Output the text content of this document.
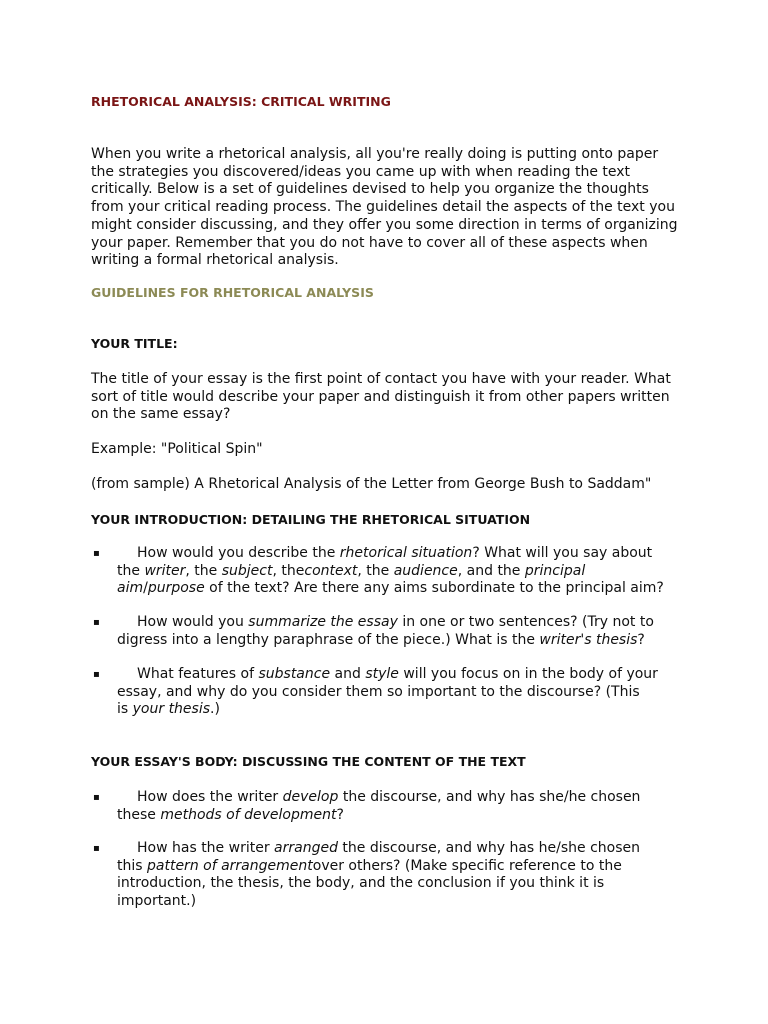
RHETORICAL ANALYSIS: CRITICAL WRITING
When you write a rhetorical analysis, all you're really doing is putting onto paper
the strategies you discovered/ideas you came up with when reading the text
critically. Below is a set of guidelines devised to help you organize the thoughts
from your critical reading process. The guidelines detail the aspects of the text you
might consider discussing, and they offer you some direction in terms of organizing
your paper. Remember that you do not have to cover all of these aspects when
writing a formal rhetorical analysis.
GUIDELINES FOR RHETORICAL ANALYSIS
YOUR TITLE:
The title of your essay is the first point of contact you have with your reader. What
sort of title would describe your paper and distinguish it from other papers written
on the same essay?
Example: "Political Spin"
(from sample) A Rhetorical Analysis of the Letter from George Bush to Saddam"
YOUR INTRODUCTION: DETAILING THE RHETORICAL SITUATION
▪	How would you describe the rhetorical situation? What will you say about
the writer, the subject, thecontext, the audience, and the principal
aim/purpose of the text? Are there any aims subordinate to the principal aim?
▪	How would you summarize the essay in one or two sentences? (Try not to
digress into a lengthy paraphrase of the piece.) What is the writer's thesis?
▪	What features of substance and style will you focus on in the body of your
essay, and why do you consider them so important to the discourse? (This
is your thesis.)
YOUR ESSAY'S BODY: DISCUSSING THE CONTENT OF THE TEXT
▪	How does the writer develop the discourse, and why has she/he chosen
these methods of development?
▪	How has the writer arranged the discourse, and why has he/she chosen
this pattern of arrangementover others? (Make specific reference to the
introduction, the thesis, the body, and the conclusion if you think it is
important.)
